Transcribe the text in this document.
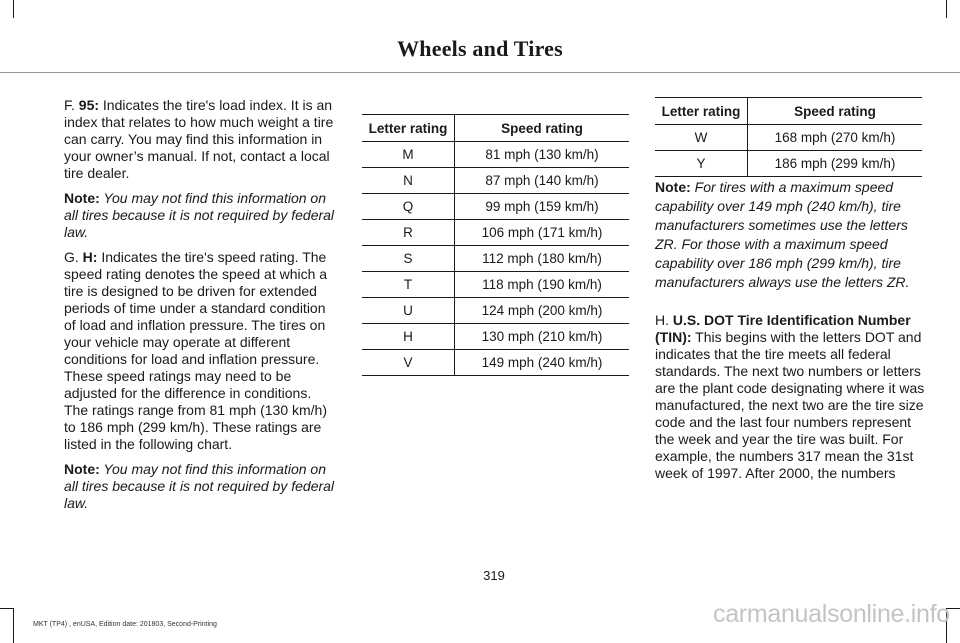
Wheels and Tires

F. 95: Indicates the tire's load index. It is an index that relates to how much weight a tire can carry. You may find this information in your owner’s manual. If not, contact a local tire dealer.

Note: You may not find this information on all tires because it is not required by federal law.

G. H: Indicates the tire's speed rating. The speed rating denotes the speed at which a tire is designed to be driven for extended periods of time under a standard condition of load and inflation pressure. The tires on your vehicle may operate at different conditions for load and inflation pressure. These speed ratings may need to be adjusted for the difference in conditions. The ratings range from 81 mph (130 km/h) to 186 mph (299 km/h). These ratings are listed in the following chart.

Note: You may not find this information on all tires because it is not required by federal law.

Letter rating	Speed rating
M	81 mph (130 km/h)
N	87 mph (140 km/h)
Q	99 mph (159 km/h)
R	106 mph (171 km/h)
S	112 mph (180 km/h)
T	118 mph (190 km/h)
U	124 mph (200 km/h)
H	130 mph (210 km/h)
V	149 mph (240 km/h)
Letter rating	Speed rating
W	168 mph (270 km/h)
Y	186 mph (299 km/h)

Note: For tires with a maximum speed capability over 149 mph (240 km/h), tire manufacturers sometimes use the letters ZR. For those with a maximum speed capability over 186 mph (299 km/h), tire manufacturers always use the letters ZR.

H. U.S. DOT Tire Identification Number (TIN): This begins with the letters DOT and indicates that the tire meets all federal standards. The next two numbers or letters are the plant code designating where it was manufactured, the next two are the tire size code and the last four numbers represent the week and year the tire was built. For example, the numbers 317 mean the 31st week of 1997. After 2000, the numbers

319
MKT (TP4) , enUSA, Edition date: 201803, Second-Printing	carmanualsonline.info
